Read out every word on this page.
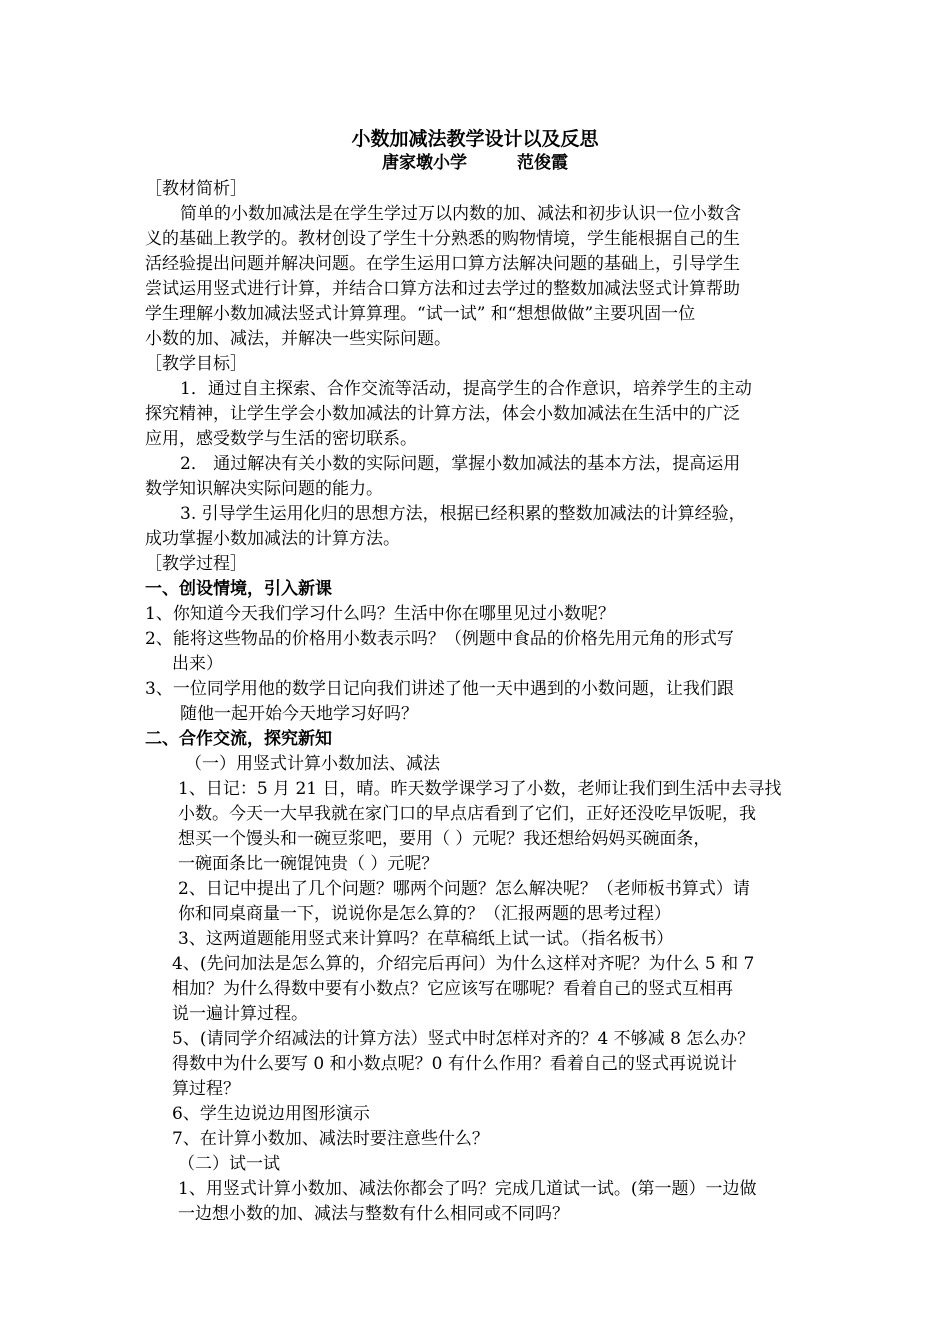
小数加减法教学设计以及反思
唐家墩小学	范俊霞
［教材简析］
简单的小数加减法是在学生学过万以内数的加、减法和初步认识一位小数含
义的基础上教学的。教材创设了学生十分熟悉的购物情境，学生能根据自己的生
活经验提出问题并解决问题。在学生运用口算方法解决问题的基础上，引导学生
尝试运用竖式进行计算，并结合口算方法和过去学过的整数加减法竖式计算帮助
学生理解小数加减法竖式计算算理。“试一试” 和“想想做做”主要巩固一位
小数的加、减法，并解决一些实际问题。
［教学目标］
1．通过自主探索、合作交流等活动，提高学生的合作意识，培养学生的主动
探究精神，让学生学会小数加减法的计算方法，体会小数加减法在生活中的广泛
应用，感受数学与生活的密切联系。
2． 通过解决有关小数的实际问题，掌握小数加减法的基本方法，提高运用
数学知识解决实际问题的能力。
3. 引导学生运用化归的思想方法，根据已经积累的整数加减法的计算经验，
成功掌握小数加减法的计算方法。
［教学过程］
一、创设情境，引入新课
1、你知道今天我们学习什么吗？生活中你在哪里见过小数呢？
2、能将这些物品的价格用小数表示吗？（例题中食品的价格先用元角的形式写
出来）
3、一位同学用他的数学日记向我们讲述了他一天中遇到的小数问题，让我们跟
随他一起开始今天地学习好吗？
二、合作交流，探究新知
（一）用竖式计算小数加法、减法
1、日记：5 月 21 日，晴。昨天数学课学习了小数，老师让我们到生活中去寻找
小数。今天一大早我就在家门口的早点店看到了它们，正好还没吃早饭呢，我
想买一个馒头和一碗豆浆吧，要用（ ）元呢？我还想给妈妈买碗面条，
一碗面条比一碗馄饨贵（ ）元呢？
2、日记中提出了几个问题？哪两个问题？怎么解决呢？（老师板书算式）请
你和同桌商量一下，说说你是怎么算的？（汇报两题的思考过程）
3、这两道题能用竖式来计算吗？在草稿纸上试一试。（指名板书）
4、(先问加法是怎么算的，介绍完后再问）为什么这样对齐呢？为什么 5 和 7
相加？为什么得数中要有小数点？它应该写在哪呢？看着自己的竖式互相再
说一遍计算过程。
5、(请同学介绍减法的计算方法）竖式中时怎样对齐的？4 不够减 8 怎么办？
得数中为什么要写 0 和小数点呢？0 有什么作用？看着自己的竖式再说说计
算过程？
6、学生边说边用图形演示
7、在计算小数加、减法时要注意些什么？
（二）试一试
1、用竖式计算小数加、减法你都会了吗？完成几道试一试。(第一题）一边做
一边想小数的加、减法与整数有什么相同或不同吗？
